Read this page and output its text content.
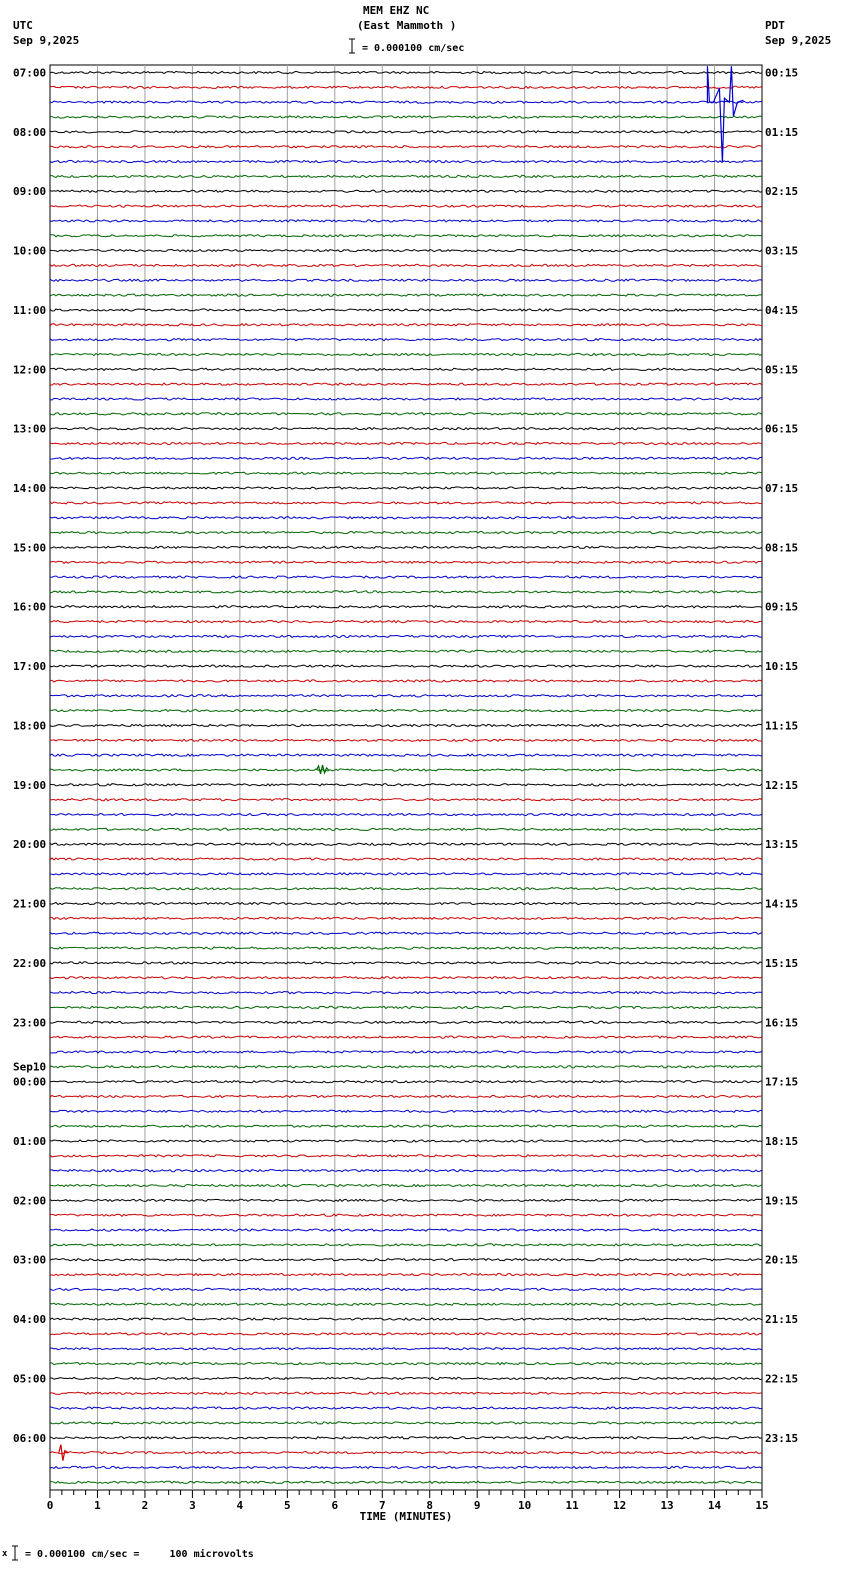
MEM EHZ NC
(East Mammoth )
= 0.000100 cm/sec
UTC
Sep 9,2025
PDT
Sep 9,2025
x = 0.000100 cm/sec =     100 microvolts
07:00	00:15
08:00	01:15
09:00	02:15
10:00	03:15
11:00	04:15
12:00	05:15
13:00	06:15
14:00	07:15
15:00	08:15
16:00	09:15
17:00	10:15
18:00	11:15
19:00	12:15
20:00	13:15
21:00	14:15
22:00	15:15
23:00	16:15
00:00	17:15
01:00	18:15
02:00	19:15
03:00	20:15
04:00	21:15
05:00	22:15
06:00	23:15
Sep10
0	1	2	3	4	5	6	7	8	9	10	11	12	13	14	15
TIME (MINUTES)
